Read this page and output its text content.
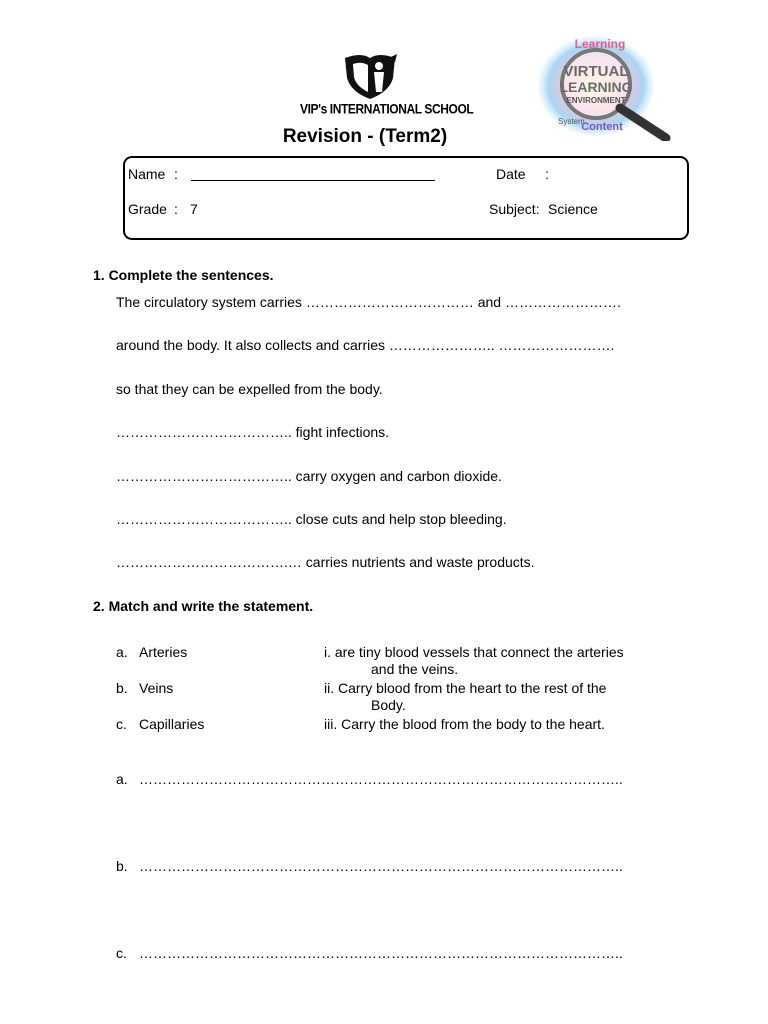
VIP's INTERNATIONAL SCHOOL
Revision - (Term2)
Learning
VIRTUAL
LEARNING
ENVIRONMENT
System
Content
Name :	Date :
Grade : 7	Subject: Science
1. Complete the sentences.
The circulatory system carries ……………………………… and …………………….
around the body. It also collects and carries ………………….. …………………….
so that they can be expelled from the body.
……………………………….. fight infections.
……………………………….. carry oxygen and carbon dioxide.
……………………………….. close cuts and help stop bleeding.
……………………………….… carries nutrients and waste products.
2. Match and write the statement.
a. Arteries
b. Veins
c. Capillaries
i. are tiny blood vessels that connect the arteries
and the veins.
ii. Carry blood from the heart to the rest of the
Body.
iii. Carry the blood from the body to the heart.
a. …………………………………………………………………………………………..
b. …………………………………………………………………………………………..
c. …………………………………………………………………………………………..
